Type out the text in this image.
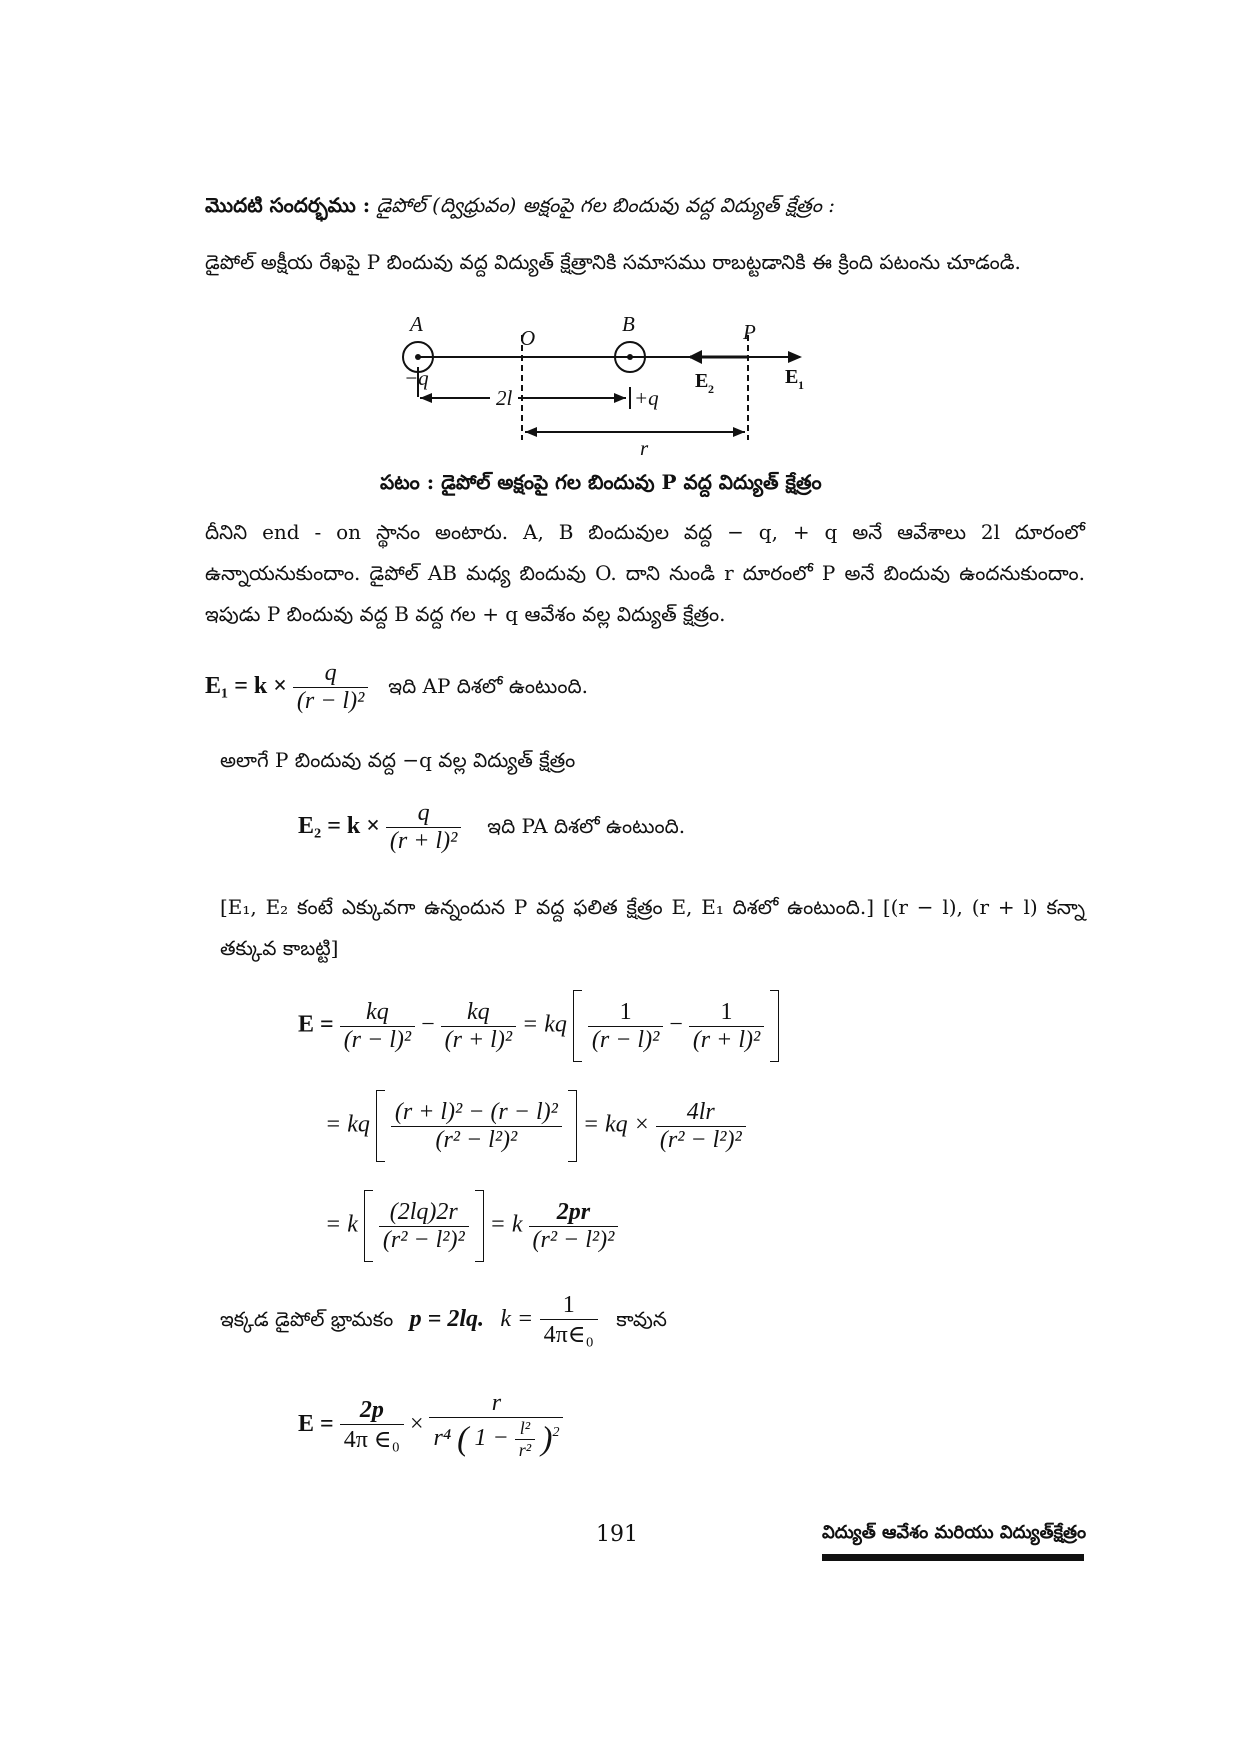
మొదటి సందర్భము : డైపోల్ (ద్విధ్రువం) అక్షంపై గల బిందువు వద్ద విద్యుత్ క్షేత్రం :
డైపోల్ అక్షీయ రేఖపై P బిందువు వద్ద విద్యుత్ క్షేత్రానికి సమాసము రాబట్టడానికి ఈ క్రింది పటంను చూడండి.
A
O
B	P
−q
+q
2l
r
E 2
E 1
పటం : డైపోల్ అక్షంపై గల బిందువు P వద్ద విద్యుత్ క్షేత్రం
దీనిని end - on స్థానం అంటారు. A, B బిందువుల వద్ద − q, + q అనే ఆవేశాలు 2l దూరంలో ఉన్నాయనుకుందాం. డైపోల్ AB మధ్య బిందువు O. దాని నుండి r దూరంలో P అనే బిందువు ఉందనుకుందాం. ఇపుడు P బిందువు వద్ద B వద్ద గల + q ఆవేశం వల్ల విద్యుత్ క్షేత్రం.
$E_1 = k \times \frac{q}{\text{(r − l)²}}$ ఇది AP దిశలో ఉంటుంది.
అలాగే P బిందువు వద్ద −q వల్ల విద్యుత్ క్షేత్రం
$E_2 = k \times \frac{q}{\text{(r + l)²}}$ ఇది PA దిశలో ఉంటుంది.
[E₁, E₂ కంటే ఎక్కువగా ఉన్నందున P వద్ద ఫలిత క్షేత్రం E, E₁ దిశలో ఉంటుంది.] [(r − l), (r + l) కన్నా తక్కువ కాబట్టి]
$E = \frac{kq}{\text{(r − l)²}} - \frac{kq}{\text{(r + l)²}}$ = kq $\frac{1}{\text{(r − l)²}} - \frac{1}{\text{(r + l)²}}$

= kq $\frac{\text{(r + l)² − (r − l)²}}{\text{(r² − l²)²}}$ = kq × $\frac{4lr}{\text{(r² − l²)²}}$
= k $\frac{(2lq)2r}{\text{(r² − l²)²}} = k \frac{2pr}{\text{(r² − l²)²}}$
ఇక్కడ డైపోల్ భ్రామకం p = 2lq. $k = \frac{1}{\text{4π∈₀}}$ కావున
$E = \frac{2p}{\text{4π ∈₀}}$ ×
r
r⁴ ( $1 - \frac{\text{l²}}{\text{r²}} )^2$
191	విద్యుత్ ఆవేశం మరియు విద్యుత్‌క్షేత్రం
